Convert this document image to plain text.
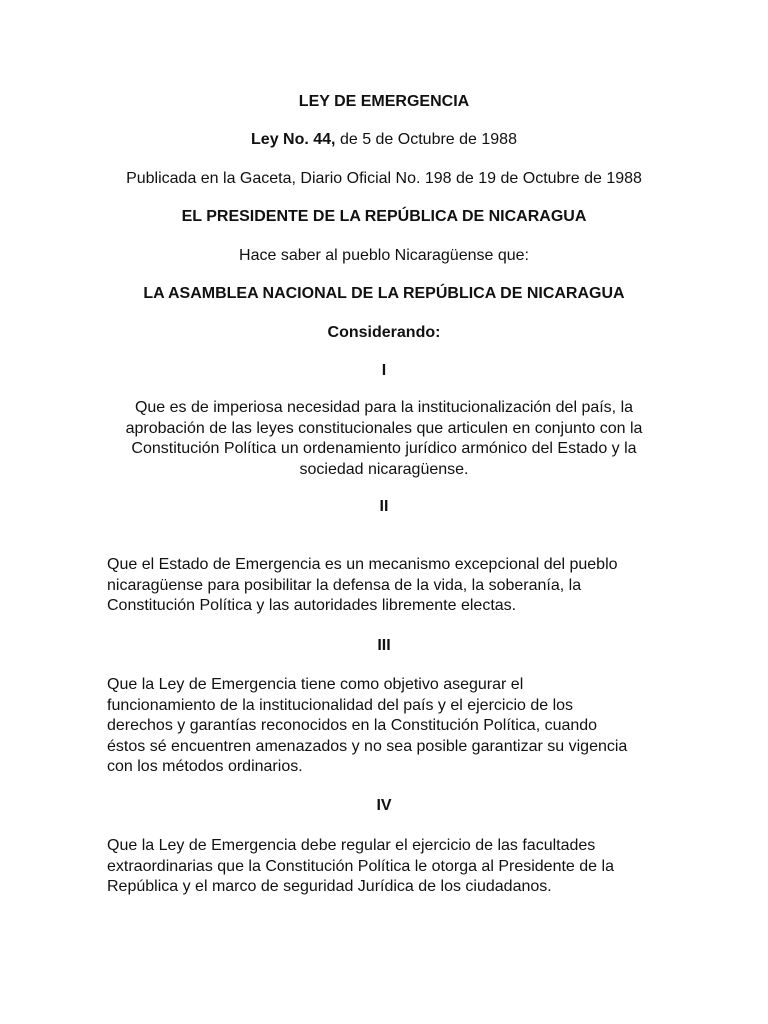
LEY DE EMERGENCIA
Ley No. 44, de 5 de Octubre de 1988
Publicada en la Gaceta, Diario Oficial No. 198 de 19 de Octubre de 1988
EL PRESIDENTE DE LA REPÚBLICA DE NICARAGUA
Hace saber al pueblo Nicaragüense que:
LA ASAMBLEA NACIONAL DE LA REPÚBLICA DE NICARAGUA
Considerando:
I
Que es de imperiosa necesidad para la institucionalización del país, la
aprobación de las leyes constitucionales que articulen en conjunto con la
Constitución Política un ordenamiento jurídico armónico del Estado y la
sociedad nicaragüense.
II
Que el Estado de Emergencia es un mecanismo excepcional del pueblo
nicaragüense para posibilitar la defensa de la vida, la soberanía, la
Constitución Política y las autoridades libremente electas.
III
Que la Ley de Emergencia tiene como objetivo asegurar el
funcionamiento de la institucionalidad del país y el ejercicio de los
derechos y garantías reconocidos en la Constitución Política, cuando
éstos sé encuentren amenazados y no sea posible garantizar su vigencia
con los métodos ordinarios.
IV
Que la Ley de Emergencia debe regular el ejercicio de las facultades
extraordinarias que la Constitución Política le otorga al Presidente de la
República y el marco de seguridad Jurídica de los ciudadanos.
